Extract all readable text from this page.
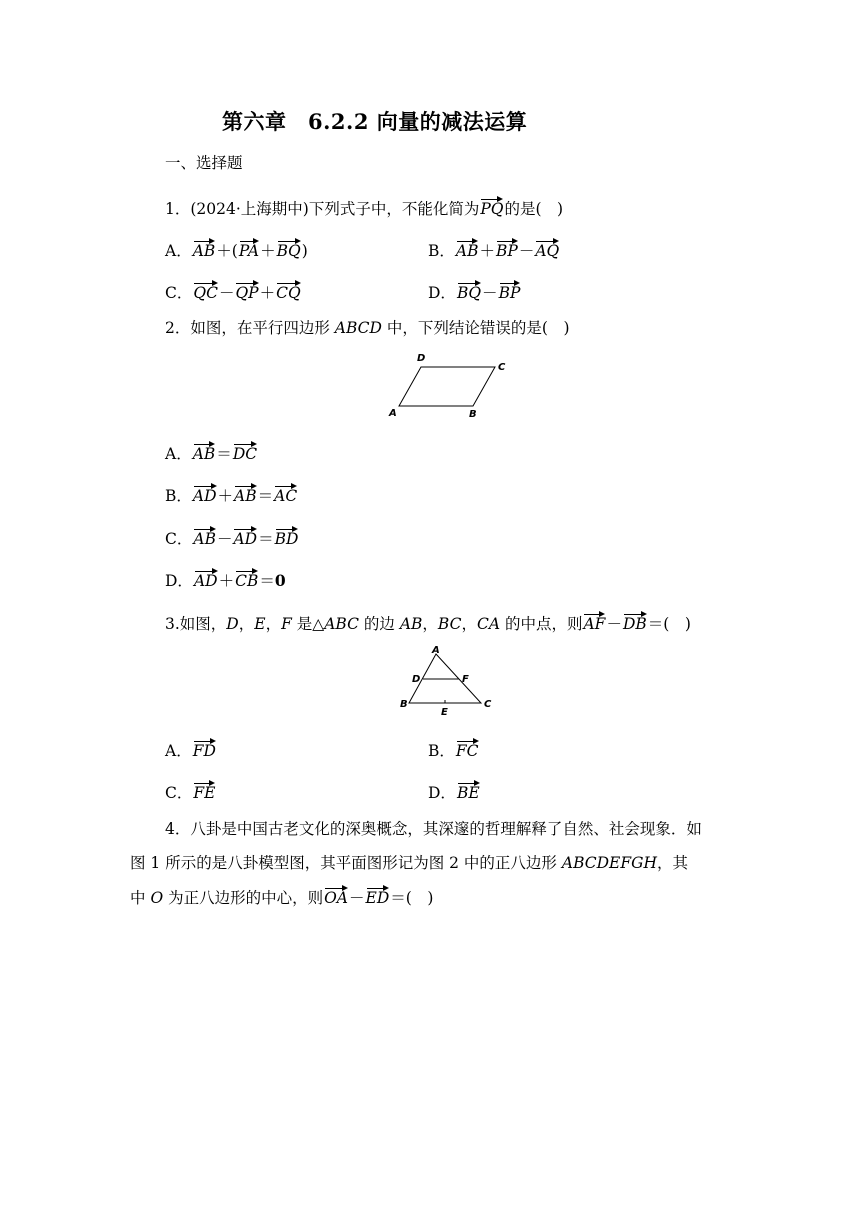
第六章　6.2.2 向量的减法运算
一、选择题
1．(2024·上海期中)下列式子中，不能化简为PQ的是(　)
A．AB＋(PA＋BQ)	B．AB＋BP－AQ
C．QC－QP＋CQ	D．BQ－BP
2．如图，在平行四边形 ABCD 中，下列结论错误的是(　)
A	B
C
D
A．AB＝DC
B．AD＋AB＝AC
C．AB－AD＝BD
D．AD＋CB＝0
3.如图，D，E，F 是△ABC 的边 AB，BC，CA 的中点，则AF－DB＝(　)
A
B	C
D
E
F
A．FD	B．FC
C．FE	D．BE
4．八卦是中国古老文化的深奥概念，其深邃的哲理解释了自然、社会现象．如
图 1 所示的是八卦模型图，其平面图形记为图 2 中的正八边形 ABCDEFGH，其
中 O 为正八边形的中心，则OA－ED＝(　)
